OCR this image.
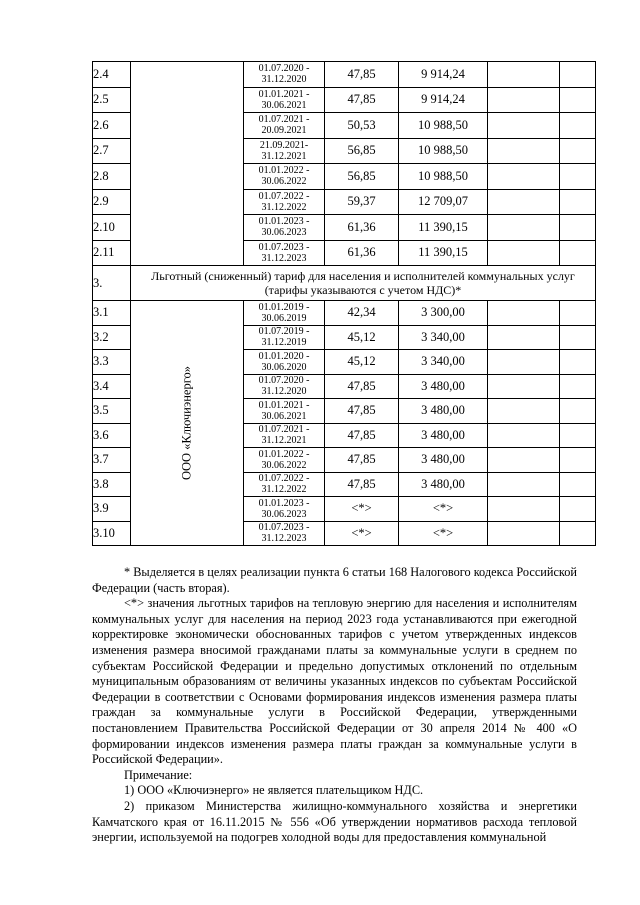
2.4		01.07.2020 - 31.12.2020	47,85	9 914,24		
2.5		01.01.2021 - 30.06.2021	47,85	9 914,24		
2.6		01.07.2021 - 20.09.2021	50,53	10 988,50		
2.7		21.09.2021- 31.12.2021	56,85	10 988,50		
2.8		01.01.2022 - 30.06.2022	56,85	10 988,50		
2.9		01.07.2022 - 31.12.2022	59,37	12 709,07		
2.10		01.01.2023 - 30.06.2023	61,36	11 390,15		
2.11		01.07.2023 - 31.12.2023	61,36	11 390,15		
3.	Льготный (сниженный) тариф для населения и исполнителей коммунальных услуг (тарифы указываются с учетом НДС)*					
3.1	ООО «Ключиэнерго»	01.01.2019 - 30.06.2019	42,34	3 300,00		
3.2		01.07.2019 - 31.12.2019	45,12	3 340,00		
3.3		01.01.2020 - 30.06.2020	45,12	3 340,00		
3.4		01.07.2020 - 31.12.2020	47,85	3 480,00		
3.5		01.01.2021 - 30.06.2021	47,85	3 480,00		
3.6		01.07.2021 - 31.12.2021	47,85	3 480,00		
3.7		01.01.2022 - 30.06.2022	47,85	3 480,00		
3.8		01.07.2022 - 31.12.2022	47,85	3 480,00		
3.9		01.01.2023 - 30.06.2023	<*>	<*>		
3.10		01.07.2023 - 31.12.2023	<*>	<*>		

* Выделяется в целях реализации пункта 6 статьи 168 Налогового кодекса Российской Федерации (часть вторая).

<*> значения льготных тарифов на тепловую энергию для населения и исполнителям коммунальных услуг для населения на период 2023 года устанавливаются при ежегодной корректировке экономически обоснованных тарифов с учетом утвержденных индексов изменения размера вносимой гражданами платы за коммунальные услуги в среднем по субъектам Российской Федерации и предельно допустимых отклонений по отдельным муниципальным образованиям от величины указанных индексов по субъектам Российской Федерации в соответствии с Основами формирования индексов изменения размера платы граждан за коммунальные услуги в Российской Федерации, утвержденными постановлением Правительства Российской Федерации от 30 апреля 2014 № 400 «О формировании индексов изменения размера платы граждан за коммунальные услуги в Российской Федерации».

Примечание:

1) ООО «Ключиэнерго» не является плательщиком НДС.

2) приказом Министерства жилищно-коммунального хозяйства и энергетики Камчатского края от 16.11.2015 № 556 «Об утверждении нормативов расхода тепловой энергии, используемой на подогрев холодной воды для предоставления коммунальной
